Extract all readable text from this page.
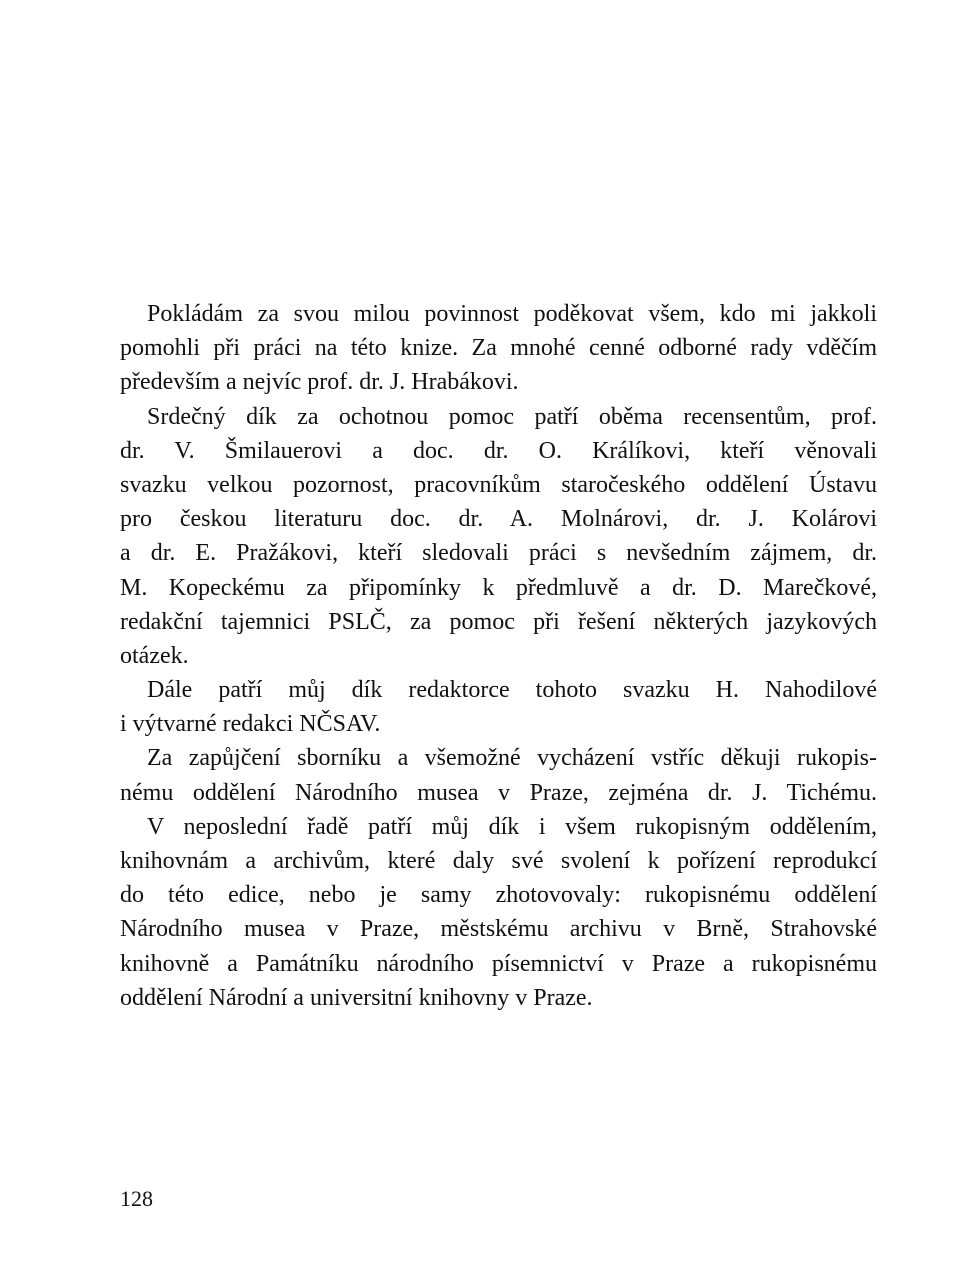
Pokládám za svou milou povinnost poděkovat všem, kdo mi jakkoli
pomohli při práci na této knize. Za mnohé cenné odborné rady vděčím
především a nejvíc prof. dr. J. Hrabákovi.
Srdečný dík za ochotnou pomoc patří oběma recensentům, prof.
dr. V. Šmilauerovi a doc. dr. O. Králíkovi, kteří věnovali
svazku velkou pozornost, pracovníkům staročeského oddělení Ústavu
pro českou literaturu doc. dr. A. Molnárovi, dr. J. Kolárovi
a dr. E. Pražákovi, kteří sledovali práci s nevšedním zájmem, dr.
M. Kopeckému za připomínky k předmluvě a dr. D. Marečkové,
redakční tajemnici PSLČ, za pomoc při řešení některých jazykových
otázek.
Dále patří můj dík redaktorce tohoto svazku H. Nahodilové
i výtvarné redakci NČSAV.
Za zapůjčení sborníku a všemožné vycházení vstříc děkuji rukopis-
nému oddělení Národního musea v Praze, zejména dr. J. Tichému.
V neposlední řadě patří můj dík i všem rukopisným oddělením,
knihovnám a archivům, které daly své svolení k pořízení reprodukcí
do této edice, nebo je samy zhotovovaly: rukopisnému oddělení
Národního musea v Praze, městskému archivu v Brně, Strahovské
knihovně a Památníku národního písemnictví v Praze a rukopisnému
oddělení Národní a universitní knihovny v Praze.
128
